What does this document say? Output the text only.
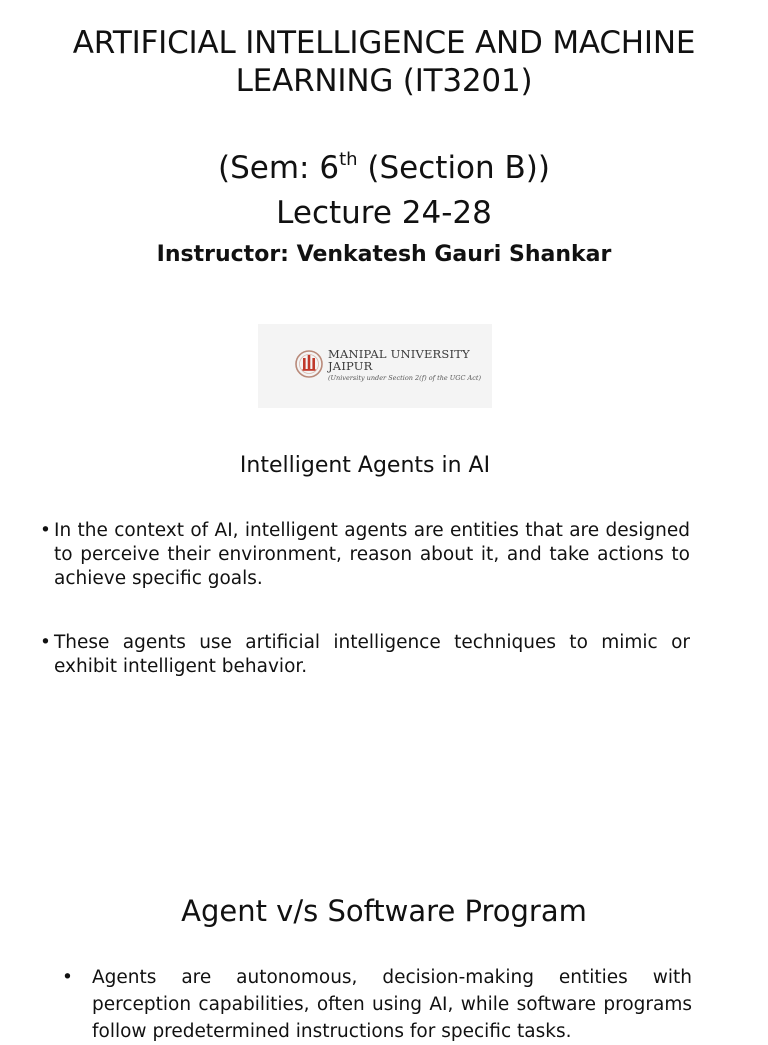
ARTIFICIAL INTELLIGENCE AND MACHINE LEARNING (IT3201)
(Sem: 6th (Section B))
Lecture 24-28
Instructor: Venkatesh Gauri Shankar
MANIPAL UNIVERSITY
JAIPUR
(University under Section 2(f) of the UGC Act)
Intelligent Agents in AI
• In the context of AI, intelligent agents are entities that are designed to perceive their environment, reason about it, and take actions to achieve specific goals.
• These agents use artificial intelligence techniques to mimic or exhibit intelligent behavior.
Agent v/s Software Program
• Agents are autonomous, decision-making entities with perception capabilities, often using AI, while software programs follow predetermined instructions for specific tasks.
